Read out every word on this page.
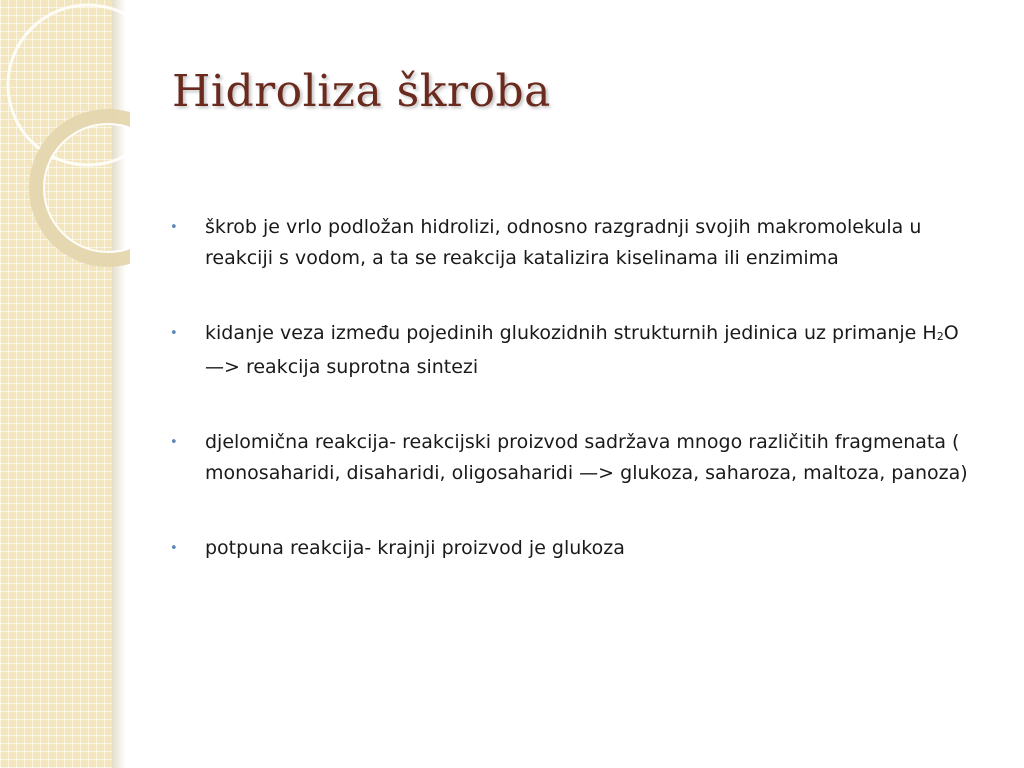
Hidroliza škroba
•	škrob je vrlo podložan hidrolizi, odnosno razgradnji svojih makromolekula u reakciji s vodom, a ta se reakcija katalizira kiselinama ili enzimima
•	kidanje veza između pojedinih glukozidnih strukturnih jedinica uz primanje H2O —> reakcija suprotna sintezi
•	djelomična reakcija- reakcijski proizvod sadržava mnogo različitih fragmenata ( monosaharidi, disaharidi, oligosaharidi —> glukoza, saharoza, maltoza, panoza)
•	potpuna reakcija- krajnji proizvod je glukoza
